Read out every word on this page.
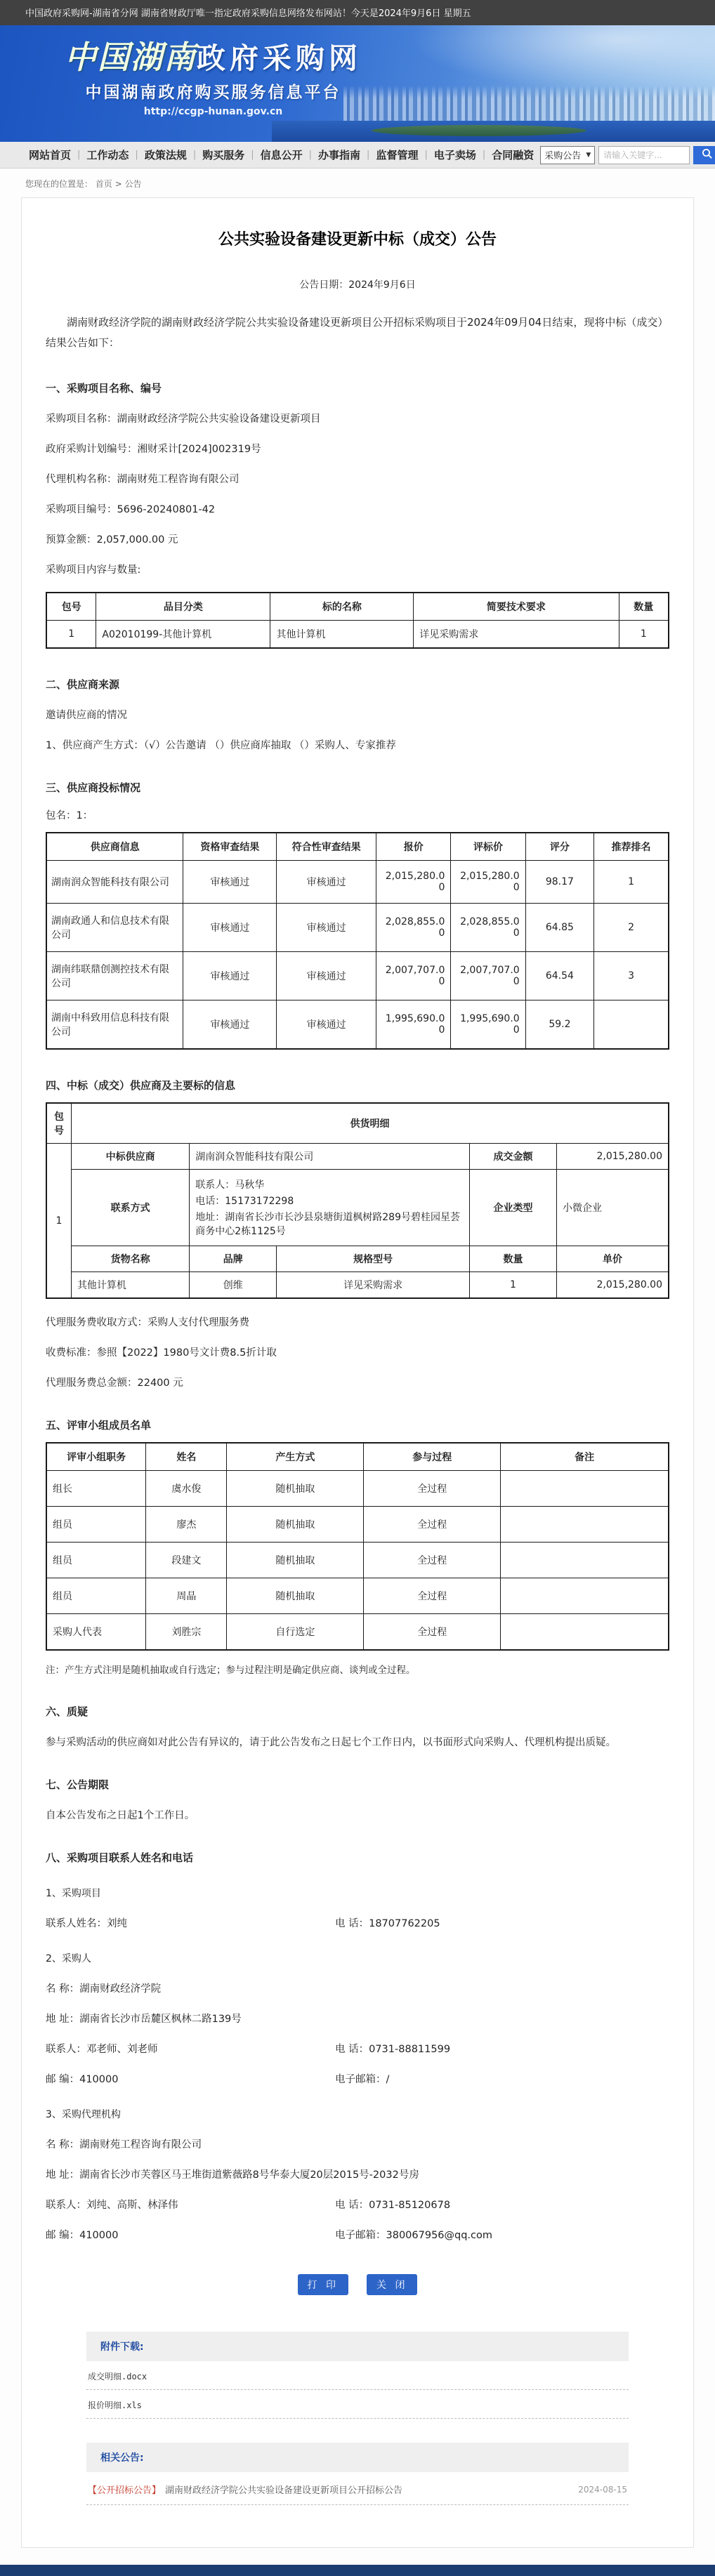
中国政府采购网-湖南省分网 湖南省财政厅唯一指定政府采购信息网络发布网站！今天是2024年9月6日 星期五
中国湖南政府采购网
中国湖南政府购买服务信息平台
http://ccgp-hunan.gov.cn
网站首页 | 工作动态 | 政策法规 | 购买服务 | 信息公开 | 办事指南 | 监督管理 | 电子卖场 | 合同融资	采购公告 ▼
请输入关键字...
您现在的位置是： 首页 > 公告
公共实验设备建设更新中标（成交）公告
公告日期：2024年9月6日

湖南财政经济学院的湖南财政经济学院公共实验设备建设更新项目公开招标采购项目于2024年09月04日结束，现将中标（成交）结果公告如下：

一、采购项目名称、编号

采购项目名称：湖南财政经济学院公共实验设备建设更新项目

政府采购计划编号：湘财采计[2024]002319号

代理机构名称：湖南财苑工程咨询有限公司

采购项目编号：5696-20240801-42

预算金额：2,057,000.00 元

采购项目内容与数量:

包号	品目分类	标的名称	简要技术要求	数量
1	A02010199-其他计算机	其他计算机	详见采购需求	1
二、供应商来源

邀请供应商的情况

1、供应商产生方式：（√）公告邀请 （）供应商库抽取 （）采购人、专家推荐

三、供应商投标情况
包名：1：
供应商信息	资格审查结果	符合性审查结果	报价	评标价	评分	推荐排名
湖南润众智能科技有限公司	审核通过	审核通过	2,015,280.00	2,015,280.00	98.17	1
湖南政通人和信息技术有限公司	审核通过	审核通过	2,028,855.00	2,028,855.00	64.85	2
湖南纬联鼎创测控技术有限公司	审核通过	审核通过	2,007,707.00	2,007,707.00	64.54	3
湖南中科致用信息科技有限公司	审核通过	审核通过	1,995,690.00	1,995,690.00	59.2	
四、中标（成交）供应商及主要标的信息
包号	供货明细				
1	中标供应商	湖南润众智能科技有限公司		成交金额	2,015,280.00
	联系方式	联系人：马秋华
电话：15173172298
地址：湖南省长沙市长沙县泉塘街道枫树路289号碧桂园星荟商务中心2栋1125号		企业类型	小微企业
	货物名称	品牌	规格型号	数量	单价
	其他计算机	创维	详见采购需求	1	2,015,280.00

代理服务费收取方式：采购人支付代理服务费

收费标准：参照【2022】1980号文计费8.5折计取

代理服务费总金额：22400 元

五、评审小组成员名单
评审小组职务	姓名	产生方式	参与过程	备注
组长	虞水俊	随机抽取	全过程	
组员	廖杰	随机抽取	全过程	
组员	段建文	随机抽取	全过程	
组员	周晶	随机抽取	全过程	
采购人代表	刘胜宗	自行选定	全过程	

注：产生方式注明是随机抽取或自行选定；参与过程注明是确定供应商、谈判或全过程。

六、质疑

参与采购活动的供应商如对此公告有异议的，请于此公告发布之日起七个工作日内，以书面形式向采购人、代理机构提出质疑。

七、公告期限

自本公告发布之日起1个工作日。

八、采购项目联系人姓名和电话
1、采购项目
联系人姓名：刘纯	电 话：18707762205
2、采购人

名 称：湖南财政经济学院

地 址：湖南省长沙市岳麓区枫林二路139号

联系人：邓老师、刘老师	电 话：0731-88811599
邮 编：410000	电子邮箱：/
3、采购代理机构

名 称：湖南财苑工程咨询有限公司

地 址：湖南省长沙市芙蓉区马王堆街道紫薇路8号华泰大厦20层2015号-2032号房

联系人：刘纯、高斯、林泽伟	电 话：0731-85120678
邮 编：410000	电子邮箱：380067956@qq.com
打 印	关 闭
附件下载:
成交明细.docx
报价明细.xls
相关公告:
【公开招标公告】 湖南财政经济学院公共实验设备建设更新项目公开招标公告	2024-08-15
